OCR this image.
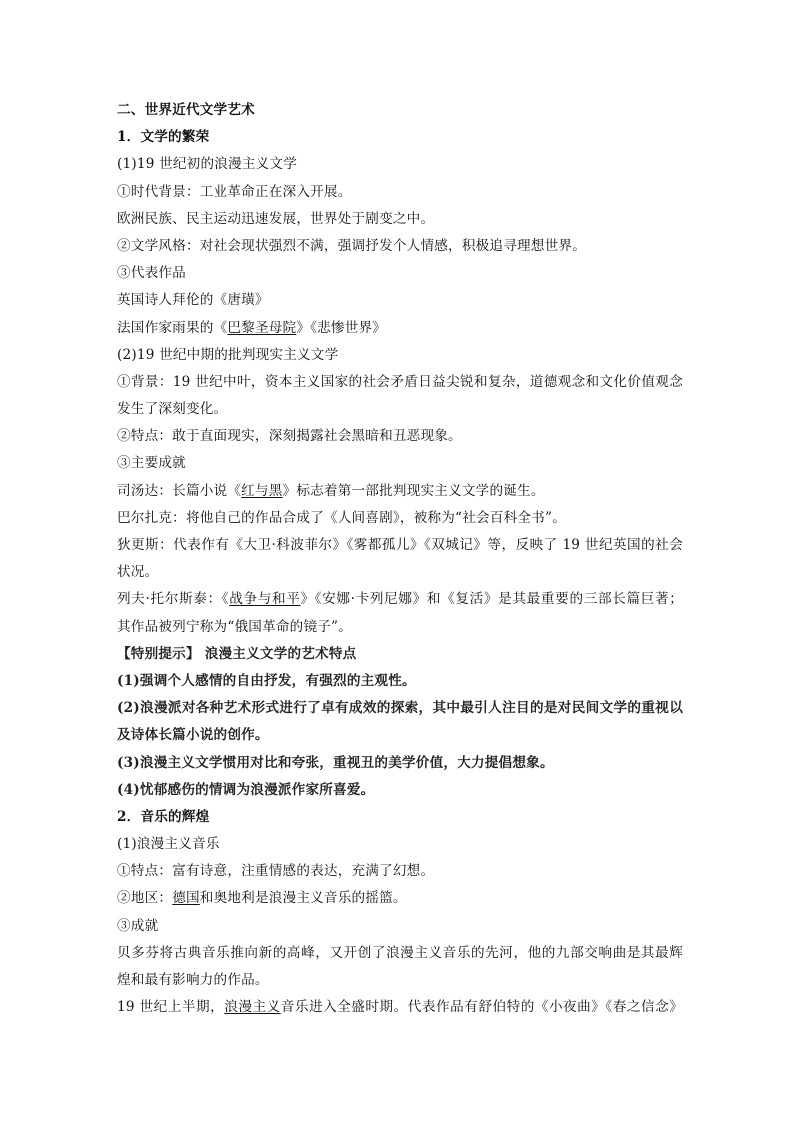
二、世界近代文学艺术
1．文学的繁荣
(1)19 世纪初的浪漫主义文学
①时代背景：工业革命正在深入开展。
欧洲民族、民主运动迅速发展，世界处于剧变之中。
②文学风格：对社会现状强烈不满，强调抒发个人情感，积极追寻理想世界。
③代表作品
英国诗人拜伦的《唐璜》
法国作家雨果的《巴黎圣母院》《悲惨世界》
(2)19 世纪中期的批判现实主义文学
①背景：19 世纪中叶，资本主义国家的社会矛盾日益尖锐和复杂，道德观念和文化价值观念
发生了深刻变化。
②特点：敢于直面现实，深刻揭露社会黑暗和丑恶现象。
③主要成就
司汤达：长篇小说《红与黑》标志着第一部批判现实主义文学的诞生。
巴尔扎克：将他自己的作品合成了《人间喜剧》，被称为“社会百科全书”。
狄更斯：代表作有《大卫·科波菲尔》《雾都孤儿》《双城记》等，反映了 19 世纪英国的社会
状况。
列夫·托尔斯泰：《战争与和平》《安娜·卡列尼娜》和《复活》是其最重要的三部长篇巨著；
其作品被列宁称为“俄国革命的镜子”。
【特别提示】 浪漫主义文学的艺术特点
(1)强调个人感情的自由抒发，有强烈的主观性。
(2)浪漫派对各种艺术形式进行了卓有成效的探索，其中最引人注目的是对民间文学的重视以
及诗体长篇小说的创作。
(3)浪漫主义文学惯用对比和夸张，重视丑的美学价值，大力提倡想象。
(4)忧郁感伤的情调为浪漫派作家所喜爱。
2．音乐的辉煌
(1)浪漫主义音乐
①特点：富有诗意，注重情感的表达，充满了幻想。
②地区：德国和奥地利是浪漫主义音乐的摇篮。
③成就
贝多芬将古典音乐推向新的高峰，又开创了浪漫主义音乐的先河，他的九部交响曲是其最辉
煌和最有影响力的作品。
19 世纪上半期，浪漫主义音乐进入全盛时期。代表作品有舒伯特的《小夜曲》《春之信念》
